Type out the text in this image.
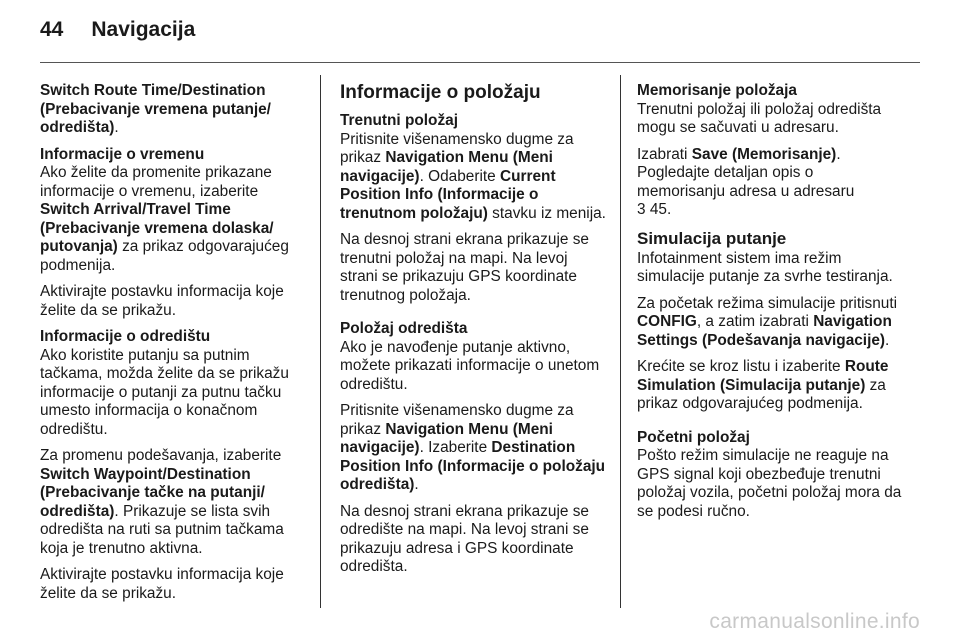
44 Navigacija

Switch Route Time/Destination (Prebacivanje vremena putanje/ odredišta).

Informacije o vremenu

Ako želite da promenite prikazane informacije o vremenu, izaberite Switch Arrival/Travel Time (Prebacivanje vremena dolaska/ putovanja) za prikaz odgovarajućeg podmenija.

Aktivirajte postavku informacija koje želite da se prikažu.

Informacije o odredištu

Ako koristite putanju sa putnim tačkama, možda želite da se prikažu informacije o putanji za putnu tačku umesto informacija o konačnom odredištu.

Za promenu podešavanja, izaberite Switch Waypoint/Destination (Prebacivanje tačke na putanji/ odredišta). Prikazuje se lista svih odredišta na ruti sa putnim tačkama koja je trenutno aktivna.

Aktivirajte postavku informacija koje želite da se prikažu.

Informacije o položaju
Trenutni položaj

Pritisnite višenamensko dugme za prikaz Navigation Menu (Meni navigacije). Odaberite Current Position Info (Informacije o trenutnom položaju) stavku iz menija.

Na desnoj strani ekrana prikazuje se trenutni položaj na mapi. Na levoj strani se prikazuju GPS koordinate trenutnog položaja.

Položaj odredišta

Ako je navođenje putanje aktivno, možete prikazati informacije o unetom odredištu.

Pritisnite višenamensko dugme za prikaz Navigation Menu (Meni navigacije). Izaberite Destination Position Info (Informacije o položaju odredišta).

Na desnoj strani ekrana prikazuje se odredište na mapi. Na levoj strani se prikazuju adresa i GPS koordinate odredišta.

Memorisanje položaja

Trenutni položaj ili položaj odredišta mogu se sačuvati u adresaru.

Izabrati Save (Memorisanje).
Pogledajte detaljan opis o memorisanju adresa u adresaru
3 45.

Simulacija putanje

Infotainment sistem ima režim simulacije putanje za svrhe testiranja.

Za početak režima simulacije pritisnuti CONFIG, a zatim izabrati Navigation Settings (Podešavanja navigacije).

Krećite se kroz listu i izaberite Route Simulation (Simulacija putanje) za prikaz odgovarajućeg podmenija.

Početni položaj

Pošto režim simulacije ne reaguje na GPS signal koji obezbeđuje trenutni položaj vozila, početni položaj mora da se podesi ručno.

carmanualsonline.info
